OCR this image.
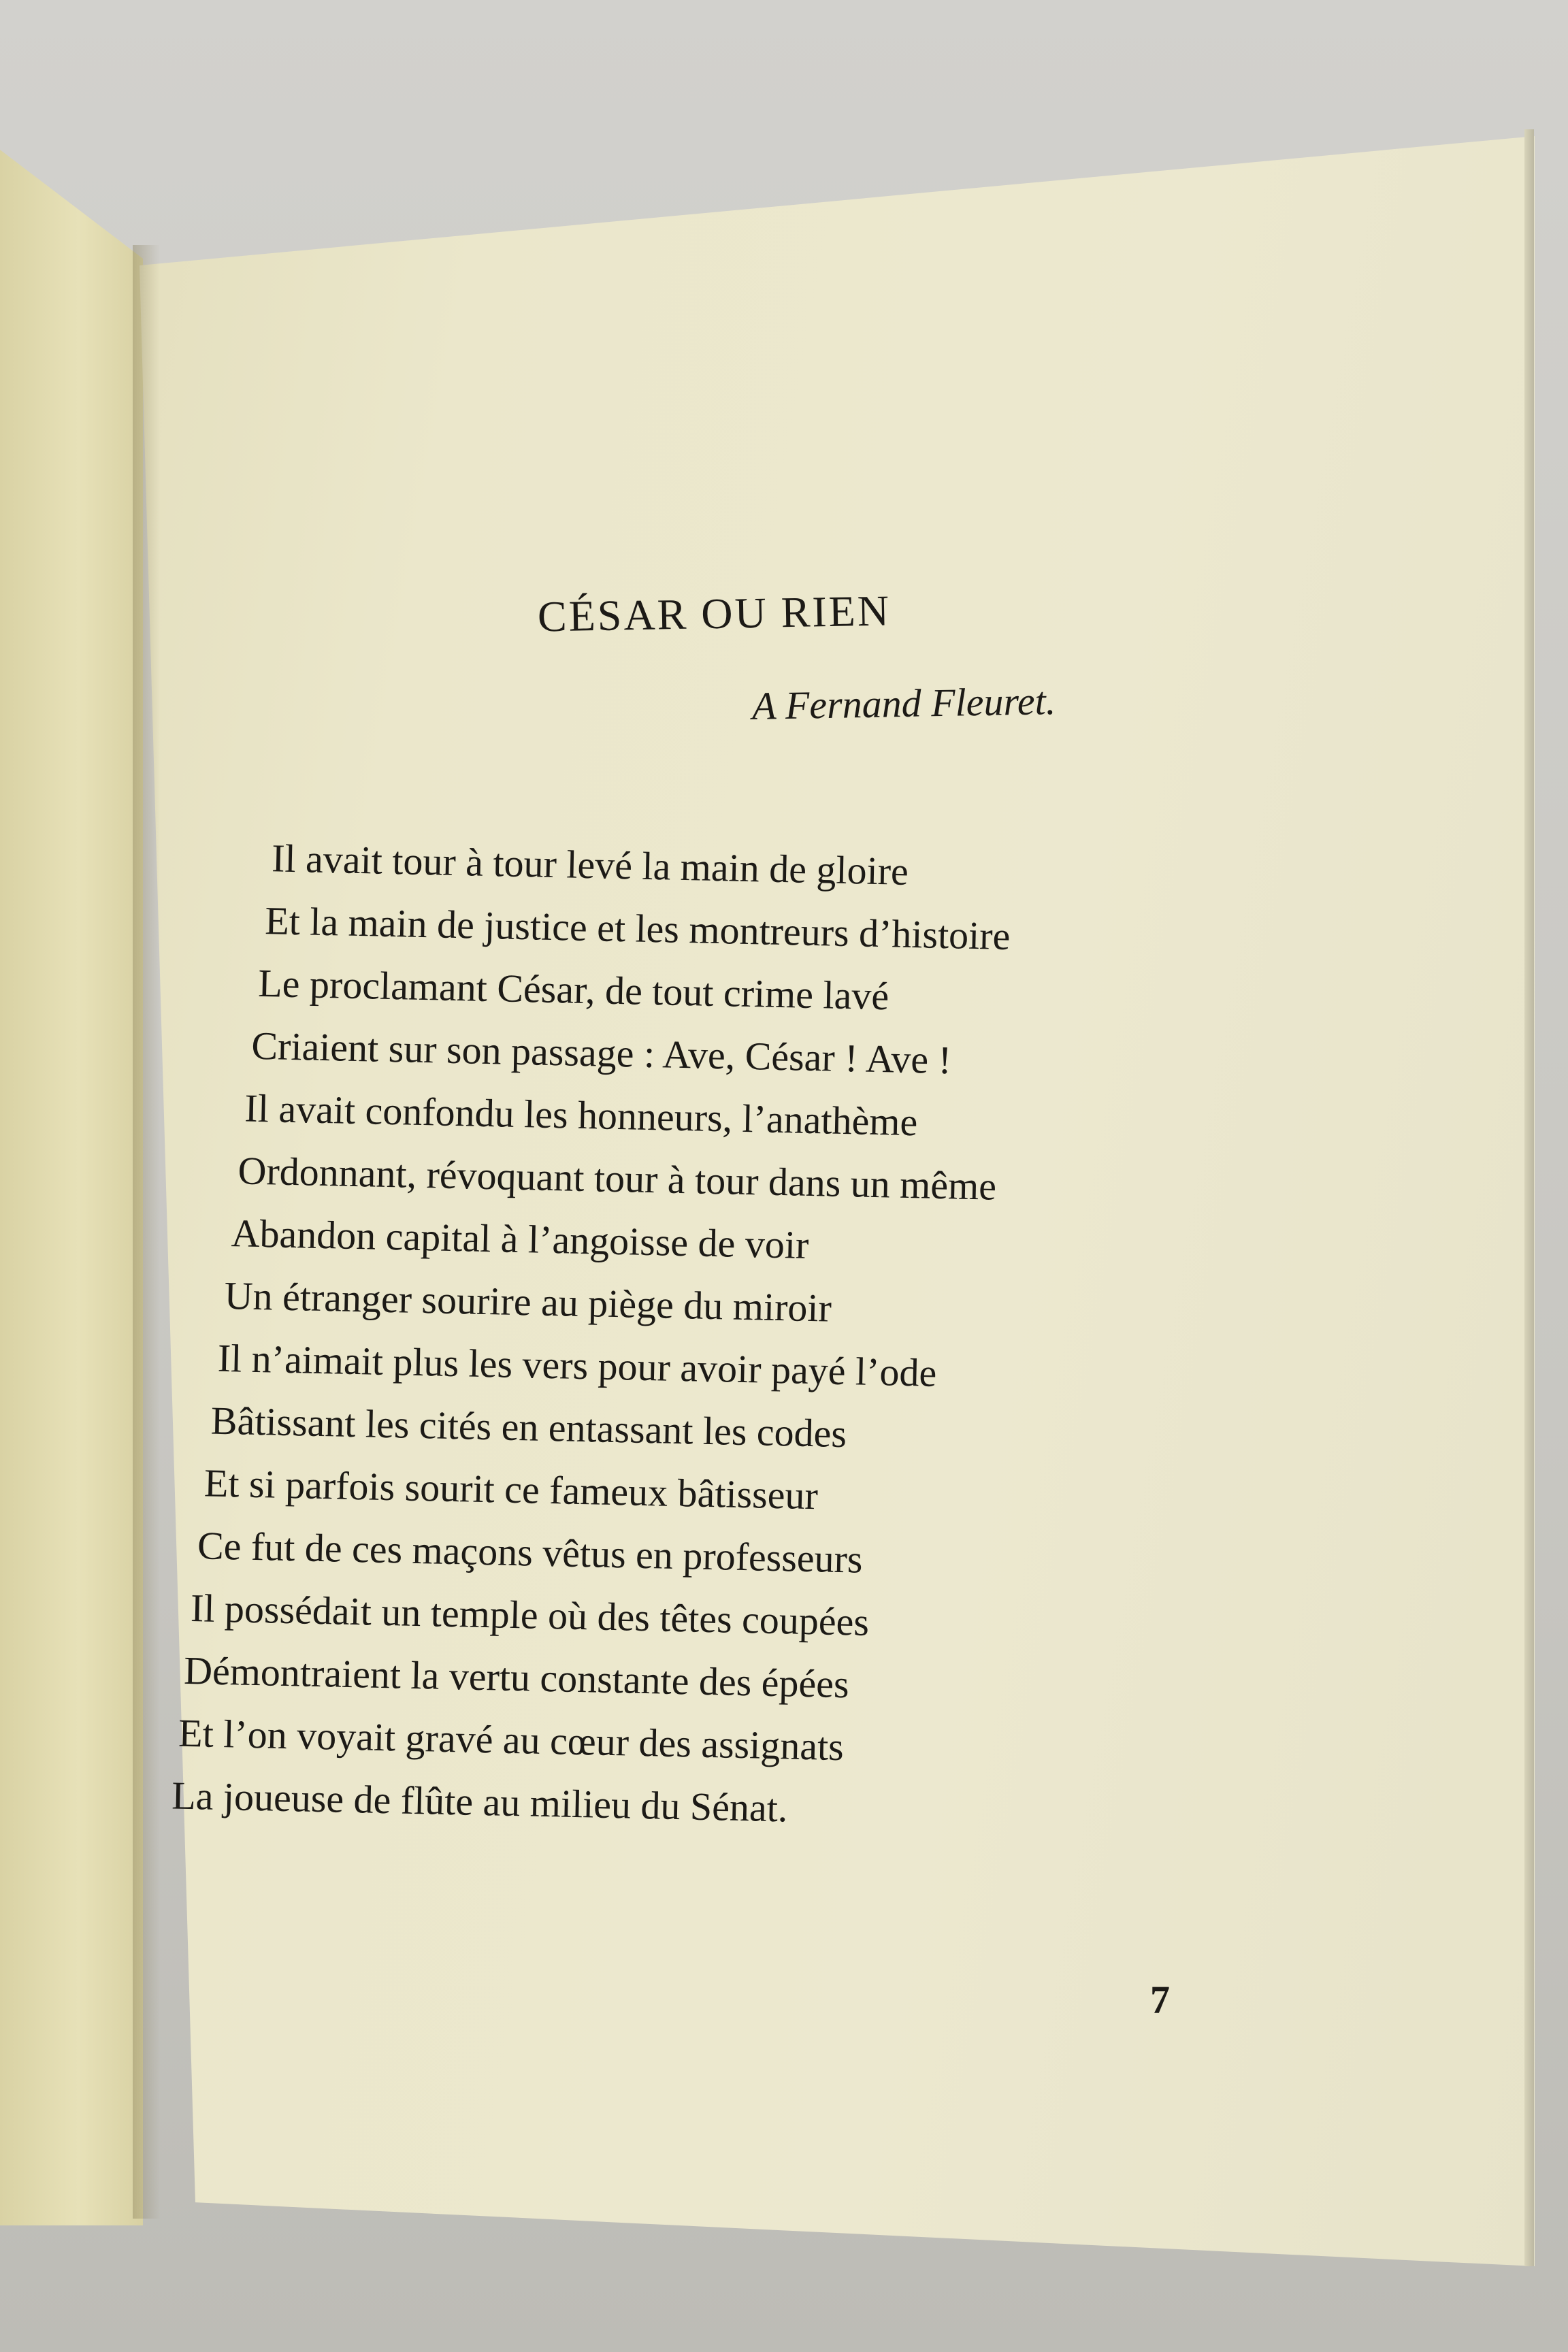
CÉSAR OU RIEN
A Fernand Fleuret.
Il avait tour à tour levé la main de gloire
Et la main de justice et les montreurs d’histoire
Le proclamant César, de tout crime lavé
Criaient sur son passage : Ave, César ! Ave !
Il avait confondu les honneurs, l’anathème
Ordonnant, révoquant tour à tour dans un même
Abandon capital à l’angoisse de voir
Un étranger sourire au piège du miroir
Il n’aimait plus les vers pour avoir payé l’ode
Bâtissant les cités en entassant les codes
Et si parfois sourit ce fameux bâtisseur
Ce fut de ces maçons vêtus en professeurs
Il possédait un temple où des têtes coupées
Démontraient la vertu constante des épées
Et l’on voyait gravé au cœur des assignats
La joueuse de flûte au milieu du Sénat.
7
